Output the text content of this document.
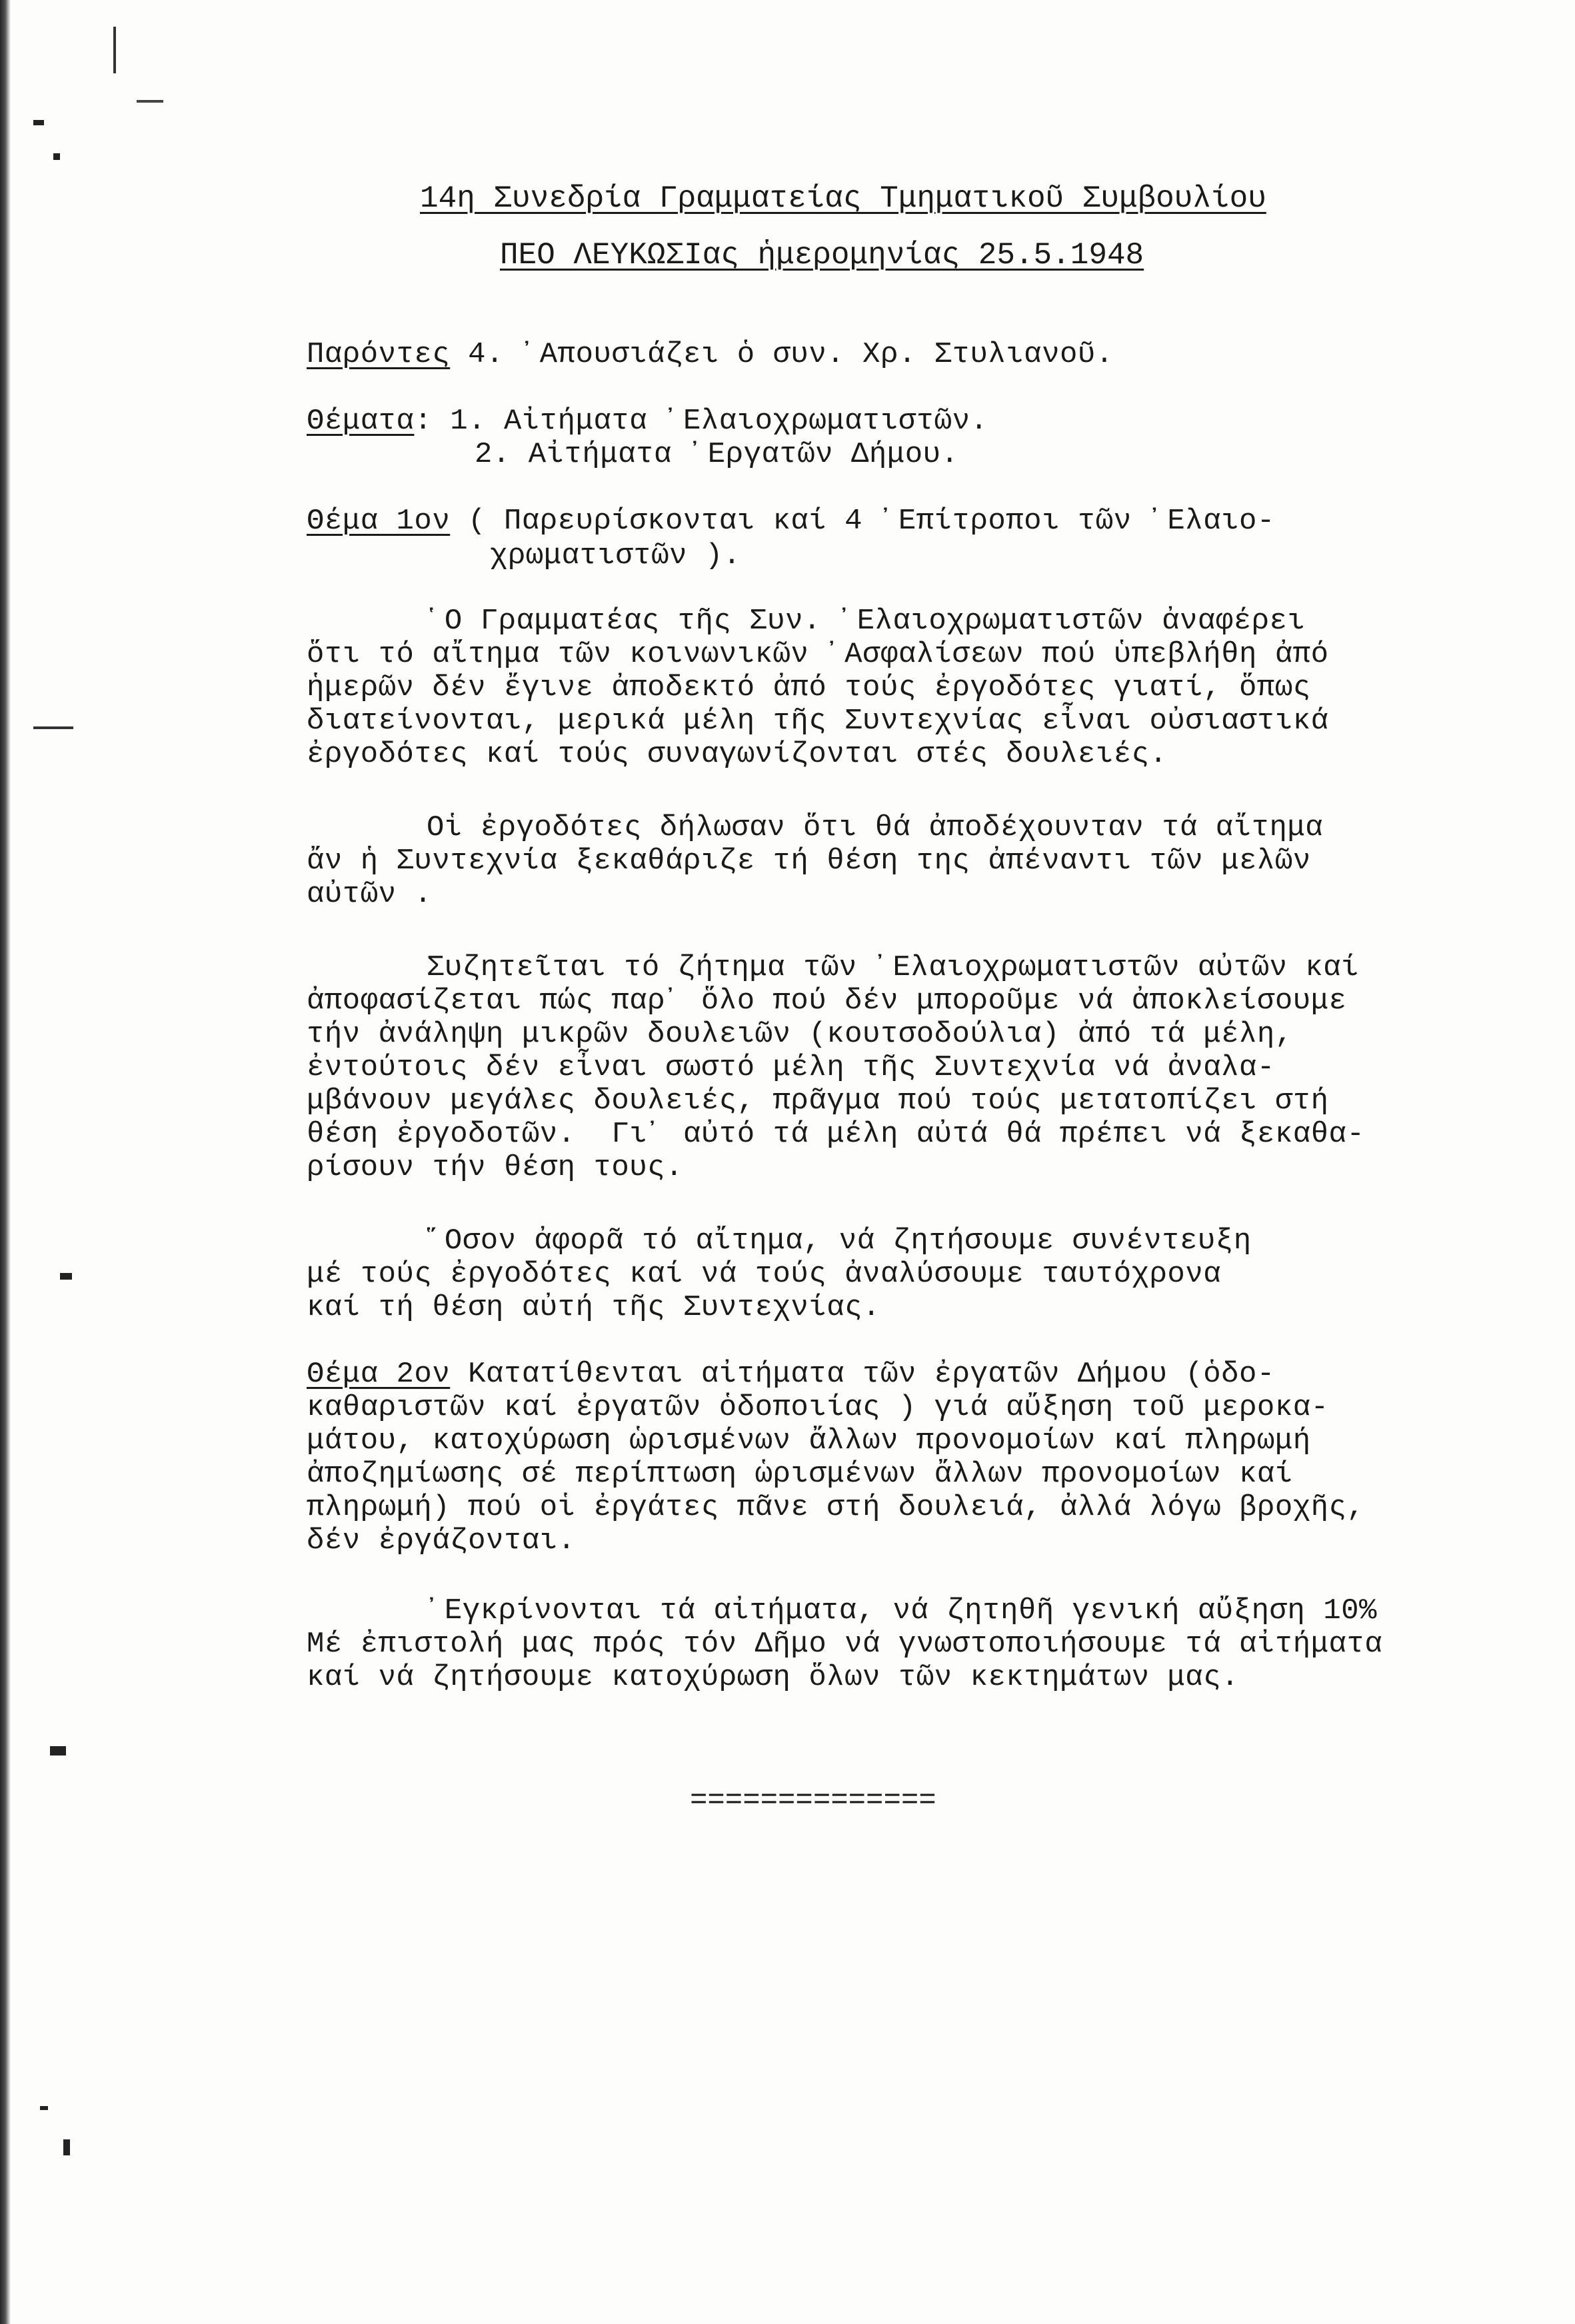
14η Συνεδρία Γραμματείας Τμηματικοῦ Συμβουλίου
ΠΕΟ ΛΕΥΚΩΣΙας ἡμερομηνίας 25.5.1948
Παρόντες 4. ᾽Απουσιάζει ὁ συν. Χρ. Στυλιανοῦ.
Θέματα: 1. Αἰτήματα ᾽Ελαιοχρωματιστῶν.
2. Αἰτήματα ᾽Εργατῶν Δήμου.
Θέμα 1ον ( Παρευρίσκονται καί 4 ᾽Επίτροποι τῶν ᾽Ελαιο-
χρωματιστῶν ).
῾Ο Γραμματέας τῆς Συν. ᾽Ελαιοχρωματιστῶν ἀναφέρει
ὅτι τό αἴτημα τῶν κοινωνικῶν ᾽Ασφαλίσεων πού ὑπεβλήθη ἀπό
ἡμερῶν δέν ἔγινε ἀποδεκτό ἀπό τούς ἐργοδότες γιατί, ὅπως
διατείνονται, μερικά μέλη τῆς Συντεχνίας εἶναι οὐσιαστικά
ἐργοδότες καί τούς συναγωνίζονται στές δουλειές.
Οἱ ἐργοδότες δήλωσαν ὅτι θά ἀποδέχουνταν τά αἴτημα
ἄν ἡ Συντεχνία ξεκαθάριζε τή θέση της ἀπέναντι τῶν μελῶν
αὐτῶν .
Συζητεῖται τό ζήτημα τῶν ᾽Ελαιοχρωματιστῶν αὐτῶν καί
ἀποφασίζεται πώς παρ᾽ ὅλο πού δέν μποροῦμε νά ἀποκλείσουμε
τήν ἀνάληψη μικρῶν δουλειῶν (κουτσοδούλια) ἀπό τά μέλη,
ἐντούτοις δέν εἶναι σωστό μέλη τῆς Συντεχνία νά ἀναλα-
μβάνουν μεγάλες δουλειές, πρᾶγμα πού τούς μετατοπίζει στή
θέση ἐργοδοτῶν.  Γι᾽ αὐτό τά μέλη αὐτά θά πρέπει νά ξεκαθα-
ρίσουν τήν θέση τους.
῞Οσον ἀφορᾶ τό αἴτημα, νά ζητήσουμε συνέντευξη
μέ τούς ἐργοδότες καί νά τούς ἀναλύσουμε ταυτόχρονα
καί τή θέση αὐτή τῆς Συντεχνίας.
Θέμα 2ον Κατατίθενται αἰτήματα τῶν ἐργατῶν Δήμου (ὁδο-
καθαριστῶν καί ἐργατῶν ὁδοποιίας ) γιά αὔξηση τοῦ μεροκα-
μάτου, κατοχύρωση ὡρισμένων ἄλλων προνομοίων καί πληρωμή
ἀποζημίωσης σέ περίπτωση ὡρισμένων ἄλλων προνομοίων καί
πληρωμή) πού οἱ ἐργάτες πᾶνε στή δουλειά, ἀλλά λόγω βροχῆς,
δέν ἐργάζονται.
᾽Εγκρίνονται τά αἰτήματα, νά ζητηθῆ γενική αὔξηση 10%
Μέ ἐπιστολή μας πρός τόν Δῆμο νά γνωστοποιήσουμε τά αἰτήματα
καί νά ζητήσουμε κατοχύρωση ὅλων τῶν κεκτημάτων μας.
==============
